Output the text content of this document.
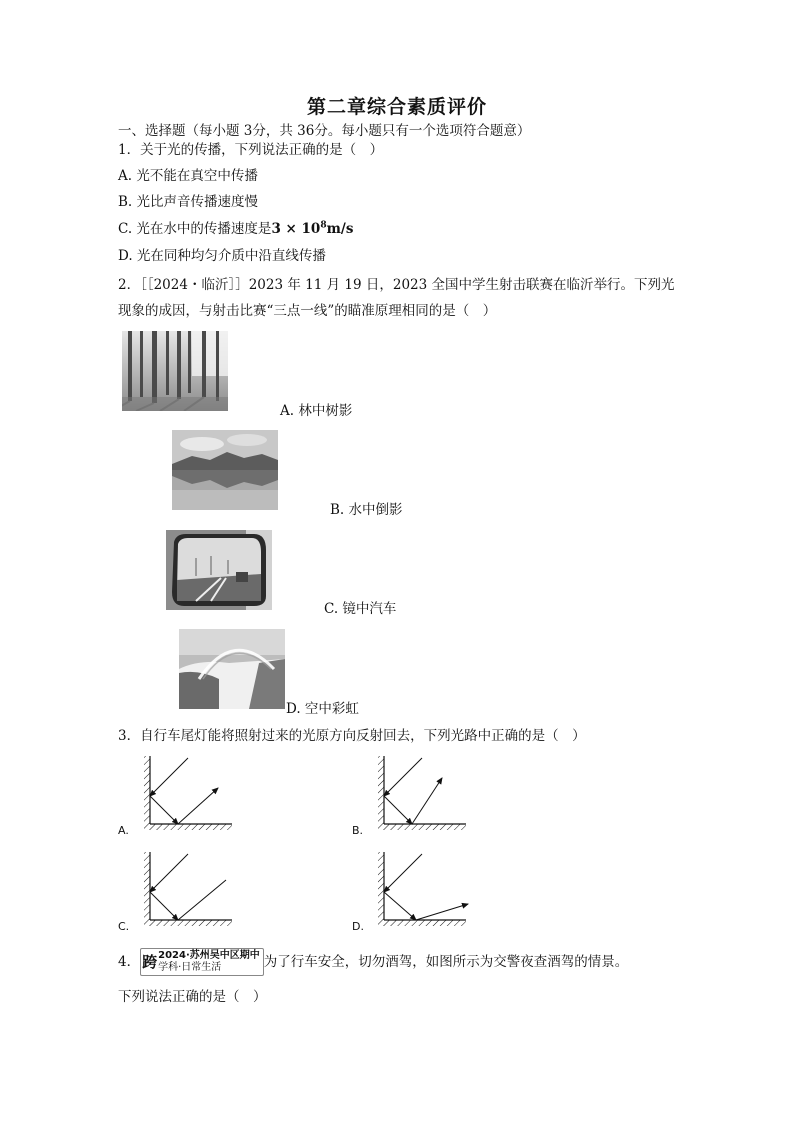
第二章综合素质评价
一、选择题（每小题 3分，共 36分。每小题只有一个选项符合题意）
1．关于光的传播，下列说法正确的是（　）
A. 光不能在真空中传播
B. 光比声音传播速度慢
C. 光在水中的传播速度是$3 \times 10^8m/s$
D. 光在同种均匀介质中沿直线传播
2．［［2024・临沂］］2023 年 11 月 19 日，2023 全国中学生射击联赛在临沂举行。下列光
现象的成因，与射击比赛“三点一线”的瞄准原理相同的是（　）
A. 林中树影
B. 水中倒影
C. 镜中汽车
D. 空中彩虹
3．自行车尾灯能将照射过来的光原方向反射回去，下列光路中正确的是（　）
A.	B.
C.	D.
4． 跨 2024·苏州吴中区期中
学科·日常生活	为了行车安全，切勿酒驾，如图所示为交警夜查酒驾的情景。
下列说法正确的是（　）
